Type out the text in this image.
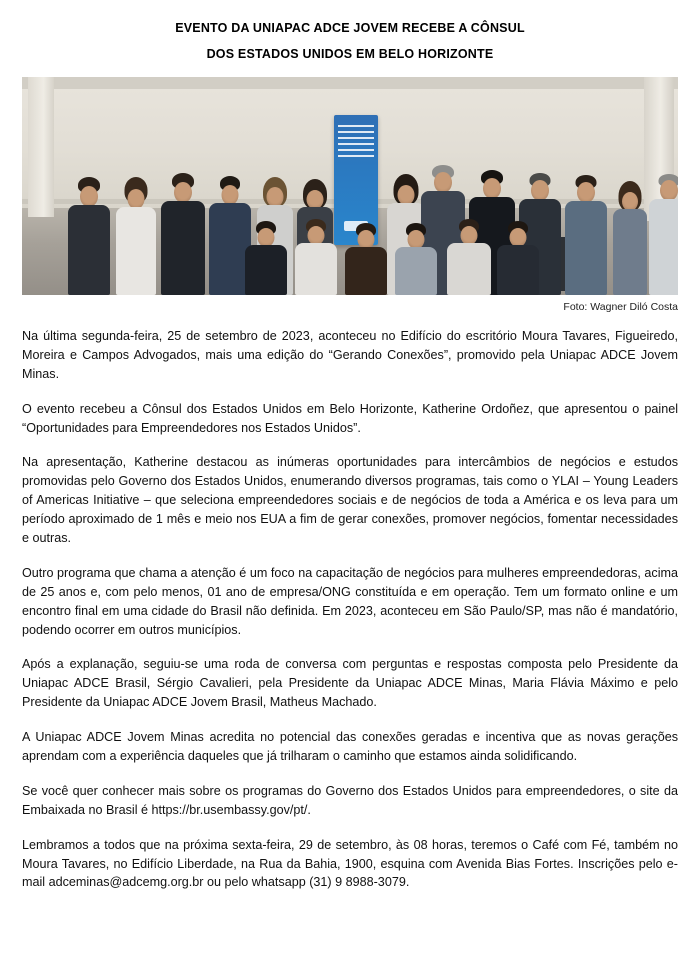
EVENTO DA UNIAPAC ADCE JOVEM RECEBE A CÔNSUL
DOS ESTADOS UNIDOS EM BELO HORIZONTE
Foto: Wagner Diló Costa

Na última segunda-feira, 25 de setembro de 2023, aconteceu no Edifício do escritório Moura Tavares, Figueiredo, Moreira e Campos Advogados, mais uma edição do “Gerando Conexões”, promovido pela Uniapac ADCE Jovem Minas.

O evento recebeu a Cônsul dos Estados Unidos em Belo Horizonte, Katherine Ordoñez, que apresentou o painel “Oportunidades para Empreendedores nos Estados Unidos”.

Na apresentação, Katherine destacou as inúmeras oportunidades para intercâmbios de negócios e estudos promovidas pelo Governo dos Estados Unidos, enumerando diversos programas, tais como o YLAI – Young Leaders of Americas Initiative – que seleciona empreendedores sociais e de negócios de toda a América e os leva para um período aproximado de 1 mês e meio nos EUA a fim de gerar conexões, promover negócios, fomentar necessidades e outras.

Outro programa que chama a atenção é um foco na capacitação de negócios para mulheres empreendedoras, acima de 25 anos e, com pelo menos, 01 ano de empresa/ONG constituída e em operação. Tem um formato online e um encontro final em uma cidade do Brasil não definida. Em 2023, aconteceu em São Paulo/SP, mas não é mandatório, podendo ocorrer em outros municípios.

Após a explanação, seguiu-se uma roda de conversa com perguntas e respostas composta pelo Presidente da Uniapac ADCE Brasil, Sérgio Cavalieri, pela Presidente da Uniapac ADCE Minas, Maria Flávia Máximo e pelo Presidente da Uniapac ADCE Jovem Brasil, Matheus Machado.

A Uniapac ADCE Jovem Minas acredita no potencial das conexões geradas e incentiva que as novas gerações aprendam com a experiência daqueles que já trilharam o caminho que estamos ainda solidificando.

Se você quer conhecer mais sobre os programas do Governo dos Estados Unidos para empreendedores, o site da Embaixada no Brasil é https://br.usembassy.gov/pt/.

Lembramos a todos que na próxima sexta-feira, 29 de setembro, às 08 horas, teremos o Café com Fé, também no Moura Tavares, no Edifício Liberdade, na Rua da Bahia, 1900, esquina com Avenida Bias Fortes. Inscrições pelo e-mail adceminas@adcemg.org.br ou pelo whatsapp (31) 9 8988-3079.
